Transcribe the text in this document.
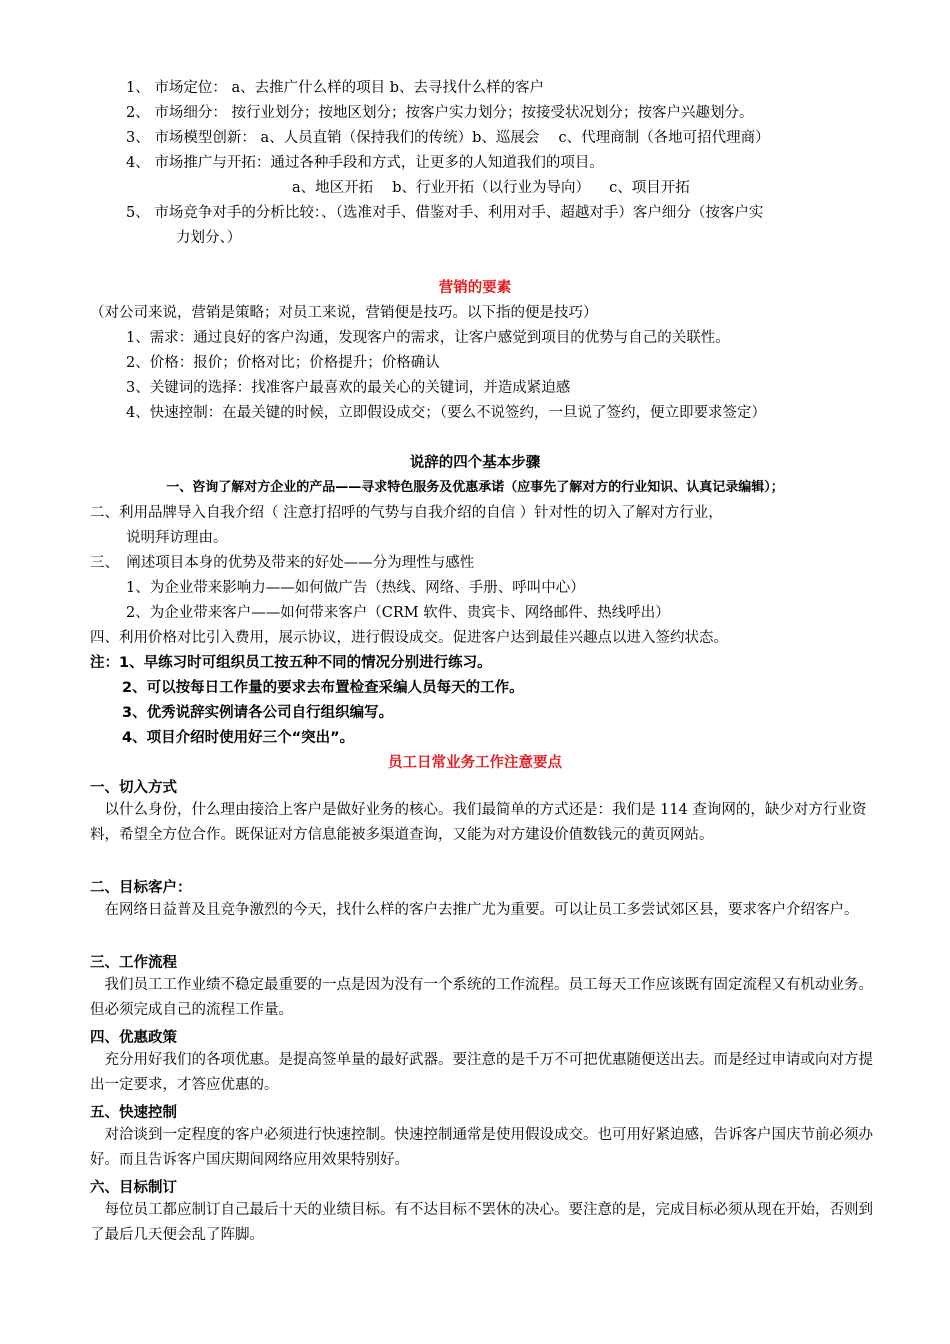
1、 市场定位： a、去推广什么样的项目 b、去寻找什么样的客户
2、 市场细分： 按行业划分；按地区划分；按客户实力划分；按接受状况划分；按客户兴趣划分。
3、 市场模型创新： a、人员直销（保持我们的传统）b、巡展会 　c、代理商制（各地可招代理商）
4、 市场推广与开拓：通过各种手段和方式，让更多的人知道我们的项目。
a、地区开拓 　b、行业开拓（以行业为导向） 　c、项目开拓
5、 市场竞争对手的分析比较：、（选准对手、借鉴对手、利用对手、超越对手）客户细分（按客户实
力划分、）
营销的要素
（对公司来说，营销是策略；对员工来说，营销便是技巧。以下指的便是技巧）
1、需求：通过良好的客户沟通，发现客户的需求，让客户感觉到项目的优势与自己的关联性。
2、价格：报价；价格对比；价格提升；价格确认
3、关键词的选择：找准客户最喜欢的最关心的关键词，并造成紧迫感
4、快速控制：在最关键的时候，立即假设成交；（要么不说签约，一旦说了签约，便立即要求签定）
说辞的四个基本步骤
一、咨询了解对方企业的产品——寻求特色服务及优惠承诺（应事先了解对方的行业知识、认真记录编辑）；
二、利用品牌导入自我介绍（ 注意打招呼的气势与自我介绍的自信 ）针对性的切入了解对方行业，
说明拜访理由。
三、　阐述项目本身的优势及带来的好处——分为理性与感性
1、为企业带来影响力——如何做广告（热线、网络、手册、呼叫中心）
2、为企业带来客户——如何带来客户（CRM 软件、贵宾卡、网络邮件、热线呼出）
四、利用价格对比引入费用，展示协议，进行假设成交。促进客户达到最佳兴趣点以进入签约状态。
注：1、早练习时可组织员工按五种不同的情况分别进行练习。
2、可以按每日工作量的要求去布置检查采编人员每天的工作。
3、优秀说辞实例请各公司自行组织编写。
4、项目介绍时使用好三个“突出”。
员工日常业务工作注意要点
一、切入方式
　以什么身份，什么理由接洽上客户是做好业务的核心。我们最简单的方式还是：我们是 114 查询网的，缺少对方行业资料，希望全方位合作。既保证对方信息能被多渠道查询，又能为对方建设价值数钱元的黄页网站。
二、目标客户：
　在网络日益普及且竞争激烈的今天，找什么样的客户去推广尤为重要。可以让员工多尝试郊区县，要求客户介绍客户。
三、工作流程
　我们员工工作业绩不稳定最重要的一点是因为没有一个系统的工作流程。员工每天工作应该既有固定流程又有机动业务。但必须完成自己的流程工作量。
四、优惠政策
　充分用好我们的各项优惠。是提高签单量的最好武器。要注意的是千万不可把优惠随便送出去。而是经过申请或向对方提出一定要求，才答应优惠的。
五、快速控制
　对洽谈到一定程度的客户必须进行快速控制。快速控制通常是使用假设成交。也可用好紧迫感，告诉客户国庆节前必须办好。而且告诉客户国庆期间网络应用效果特别好。
六、目标制订
　每位员工都应制订自己最后十天的业绩目标。有不达目标不罢休的决心。要注意的是，完成目标必须从现在开始，否则到了最后几天便会乱了阵脚。
